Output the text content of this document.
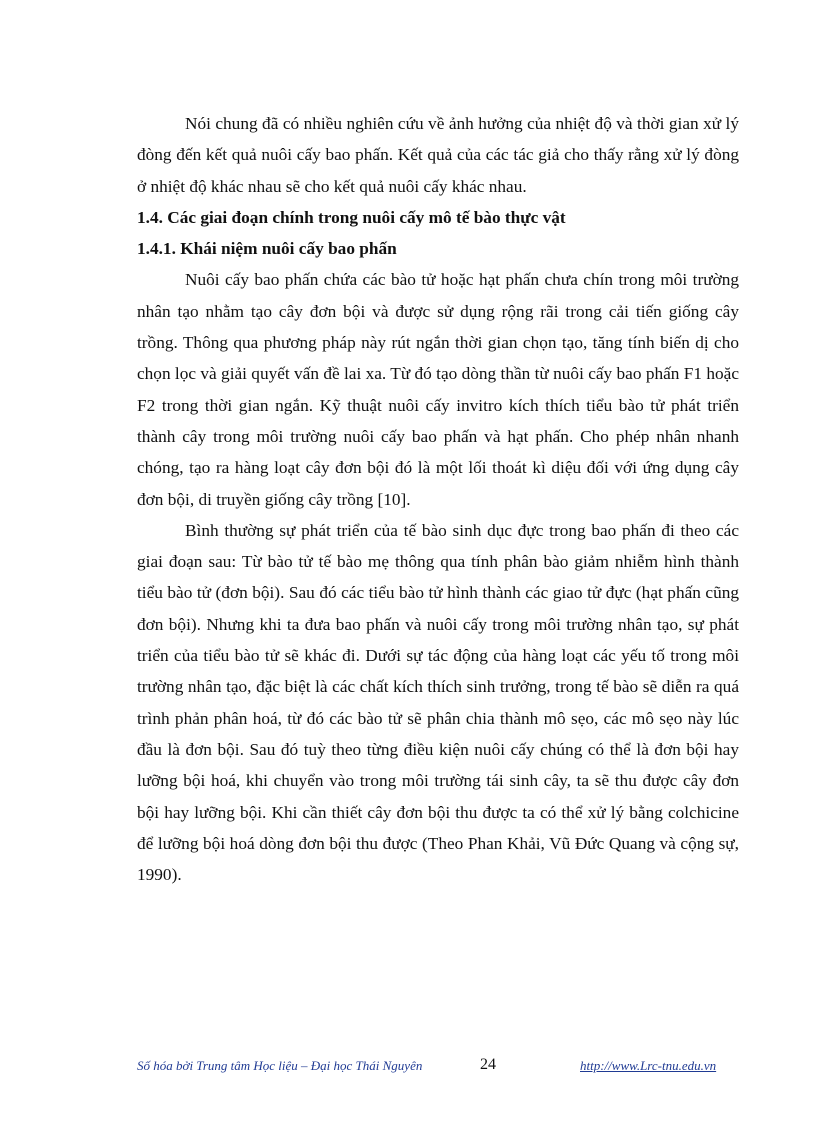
Nói chung đã có nhiều nghiên cứu về ảnh hưởng của nhiệt độ và thời gian xử lý đòng đến kết quả nuôi cấy bao phấn. Kết quả của các tác giả cho thấy rằng xử lý đòng ở nhiệt độ khác nhau sẽ cho kết quả nuôi cấy khác nhau.

1.4. Các giai đoạn chính trong nuôi cấy mô tế bào thực vật

1.4.1. Khái niệm nuôi cấy bao phấn

Nuôi cấy bao phấn chứa các bào tử hoặc hạt phấn chưa chín trong môi trường nhân tạo nhằm tạo cây đơn bội và được sử dụng rộng rãi trong cải tiến giống cây trồng. Thông qua phương pháp này rút ngắn thời gian chọn tạo, tăng tính biến dị cho chọn lọc và giải quyết vấn đề lai xa. Từ đó tạo dòng thần từ nuôi cấy bao phấn F1 hoặc F2 trong thời gian ngắn. Kỹ thuật nuôi cấy invitro kích thích tiểu bào tử phát triển thành cây trong môi trường nuôi cấy bao phấn và hạt phấn. Cho phép nhân nhanh chóng, tạo ra hàng loạt cây đơn bội đó là một lối thoát kì diệu đối với ứng dụng cây đơn bội, di truyền giống cây trồng [10].

Bình thường sự phát triển của tế bào sinh dục đực trong bao phấn đi theo các giai đoạn sau: Từ bào tử tế bào mẹ thông qua tính phân bào giảm nhiễm hình thành tiểu bào tử (đơn bội). Sau đó các tiểu bào tử hình thành các giao tử đực (hạt phấn cũng đơn bội). Nhưng khi ta đưa bao phấn và nuôi cấy trong môi trường nhân tạo, sự phát triển của tiểu bào tử sẽ khác đi. Dưới sự tác động của hàng loạt các yếu tố trong môi trường nhân tạo, đặc biệt là các chất kích thích sinh trưởng, trong tế bào sẽ diễn ra quá trình phản phân hoá, từ đó các bào tử sẽ phân chia thành mô sẹo, các mô sẹo này lúc đầu là đơn bội. Sau đó tuỳ theo từng điều kiện nuôi cấy chúng có thể là đơn bội hay lưỡng bội hoá, khi chuyển vào trong môi trường tái sinh cây, ta sẽ thu được cây đơn bội hay lưỡng bội. Khi cần thiết cây đơn bội thu được ta có thể xử lý bằng colchicine để lưỡng bội hoá dòng đơn bội thu được (Theo Phan Khải, Vũ Đức Quang và cộng sự, 1990).

Số hóa bởi Trung tâm Học liệu – Đại học Thái Nguyên	24	http://www.Lrc-tnu.edu.vn
